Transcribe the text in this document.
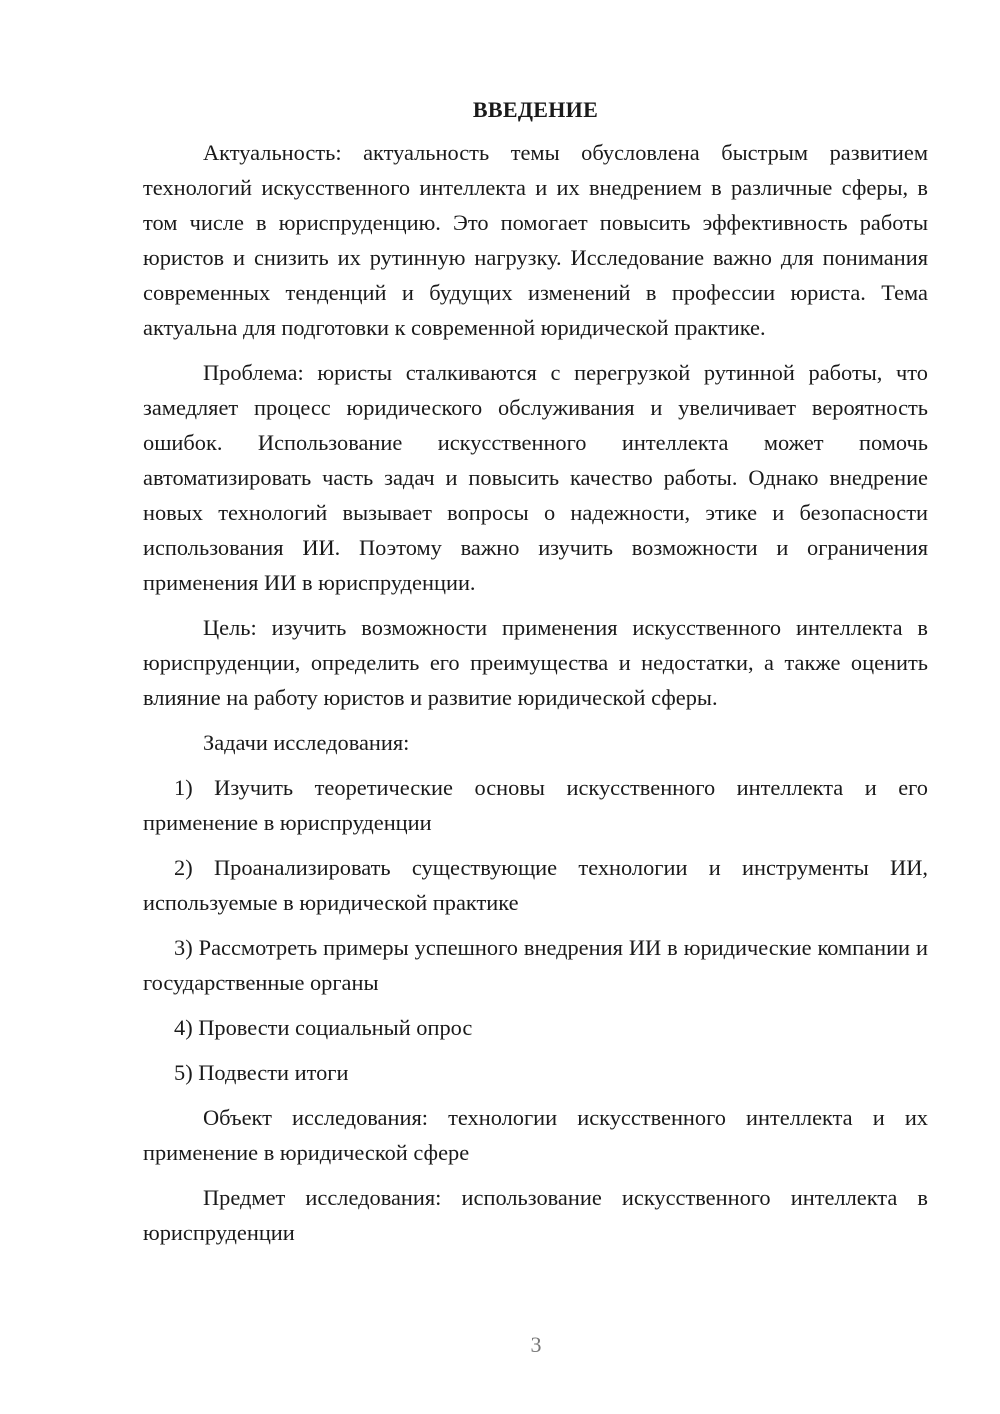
ВВЕДЕНИЕ

Актуальность: актуальность темы обусловлена быстрым развитием технологий искусственного интеллекта и их внедрением в различные сферы, в том числе в юриспруденцию. Это помогает повысить эффективность работы юристов и снизить их рутинную нагрузку. Исследование важно для понимания современных тенденций и будущих изменений в профессии юриста. Тема актуальна для подготовки к современной юридической практике.

Проблема: юристы сталкиваются с перегрузкой рутинной работы, что замедляет процесс юридического обслуживания и увеличивает вероятность ошибок. Использование искусственного интеллекта может помочь автоматизировать часть задач и повысить качество работы. Однако внедрение новых технологий вызывает вопросы о надежности, этике и безопасности использования ИИ. Поэтому важно изучить возможности и ограничения применения ИИ в юриспруденции.

Цель: изучить возможности применения искусственного интеллекта в юриспруденции, определить его преимущества и недостатки, а также оценить влияние на работу юристов и развитие юридической сферы.

Задачи исследования:

1) Изучить теоретические основы искусственного интеллекта и его применение в юриспруденции

2) Проанализировать существующие технологии и инструменты ИИ, используемые в юридической практике

3) Рассмотреть примеры успешного внедрения ИИ в юридические компании и государственные органы

4) Провести социальный опрос

5) Подвести итоги

Объект исследования: технологии искусственного интеллекта и их применение в юридической сфере

Предмет исследования: использование искусственного интеллекта в юриспруденции

3
